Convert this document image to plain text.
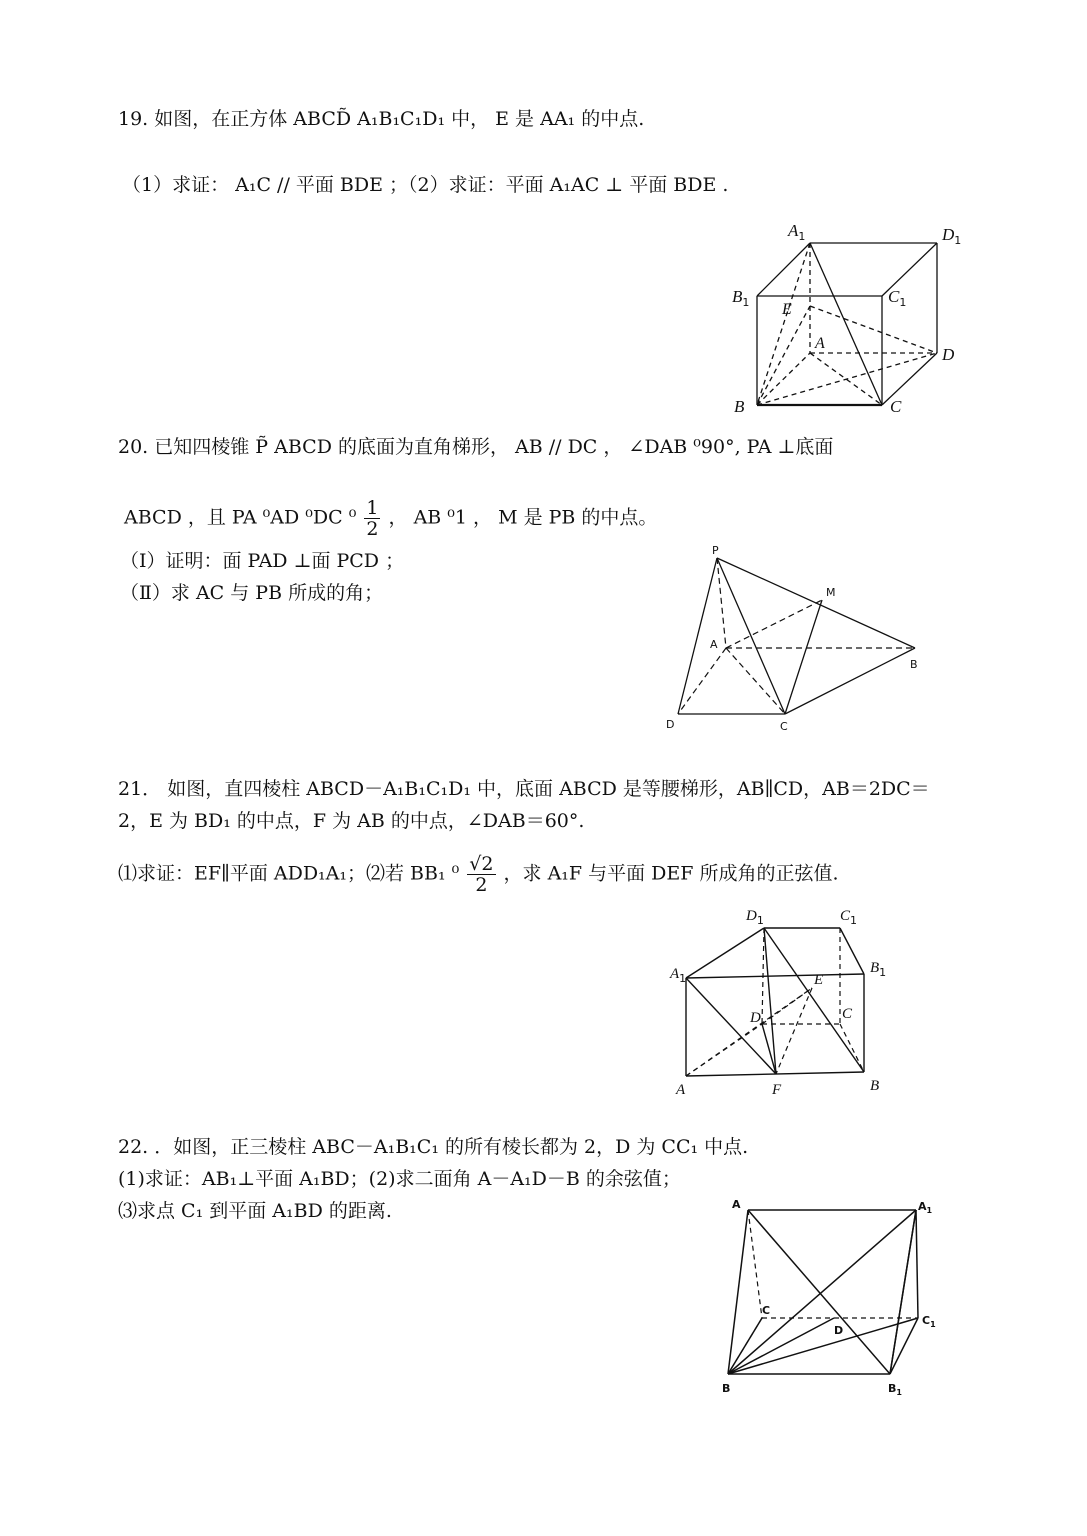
19. 如图，在正方体 ABCD̃ A₁B₁C₁D₁ 中， E 是 AA₁ 的中点.
（1）求证： A₁C // 平面 BDE ；（2）求证：平面 A₁AC ⊥ 平面 BDE .
$A_1$	$D_1$
$B_1$	$C_1$
E
A
D
B	C
20. 已知四棱锥 P̃ ABCD 的底面为直角梯形， AB // DC ， ∠DAB ⁰90°, PA ⊥底面
ABCD ，且 PA ⁰AD ⁰DC $^0 \frac{1}{2}$ ， AB ⁰1 ， M 是 PB 的中点。
（Ⅰ）证明：面 PAD ⊥面 PCD ；
（Ⅱ）求 AC 与 PB 所成的角；
P
M
A
B
D	C
21． 如图，直四棱柱 ABCD－A₁B₁C₁D₁ 中，底面 ABCD 是等腰梯形，AB∥CD，AB＝2DC＝
2，E 为 BD₁ 的中点，F 为 AB 的中点，∠DAB＝60°.
⑴求证：EF∥平面 ADD₁A₁；⑵若 BB₁ $^0 \frac{√2}{2}$ ，求 A₁F 与平面 DEF 所成角的正弦值.
$D_1$	$C_1$
$A_1$
$B_1$
E
D	C
A	F	B
22. ．如图，正三棱柱 ABC－A₁B₁C₁ 的所有棱长都为 2，D 为 CC₁ 中点.
(1)求证：AB₁⊥平面 A₁BD；(2)求二面角 A－A₁D－B 的余弦值；
⑶求点 C₁ 到平面 A₁BD 的距离.	A	$A_1$
C
$C_1$
D
B	$B_1$
